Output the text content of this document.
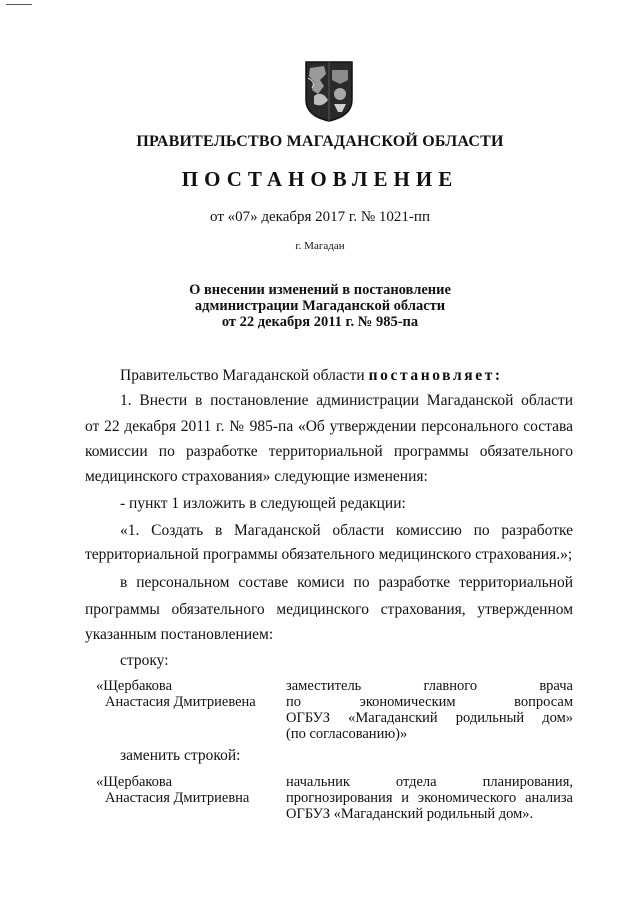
ПРАВИТЕЛЬСТВО МАГАДАНСКОЙ ОБЛАСТИ
ПОСТАНОВЛЕНИЕ
от «07» декабря 2017 г. № 1021-пп
г. Магадан
О внесении изменений в постановление
администрации Магаданской области
от 22 декабря 2011 г. № 985-па
Правительство Магаданской области постановляет:
1. Внести в постановление администрации Магаданской области
от 22 декабря 2011 г. № 985-па «Об утверждении персонального состава
комиссии по разработке территориальной программы обязательного
медицинского страхования» следующие изменения:
- пункт 1 изложить в следующей редакции:
«1. Создать в Магаданской области комиссию по разработке
территориальной программы обязательного медицинского страхования.»;
в персональном составе комиси по разработке территориальной
программы обязательного медицинского страхования, утвержденном
указанным постановлением:
строку:
«Щербакова
Анастасия Дмитриевена
заместитель главного врача
по экономическим вопросам
ОГБУЗ «Магаданский родильный дом»
(по согласованию)»
заменить строкой:
«Щербакова
Анастасия Дмитриевна
начальник отдела планирования,
прогнозирования и экономического анализа
ОГБУЗ «Магаданский родильный дом».
